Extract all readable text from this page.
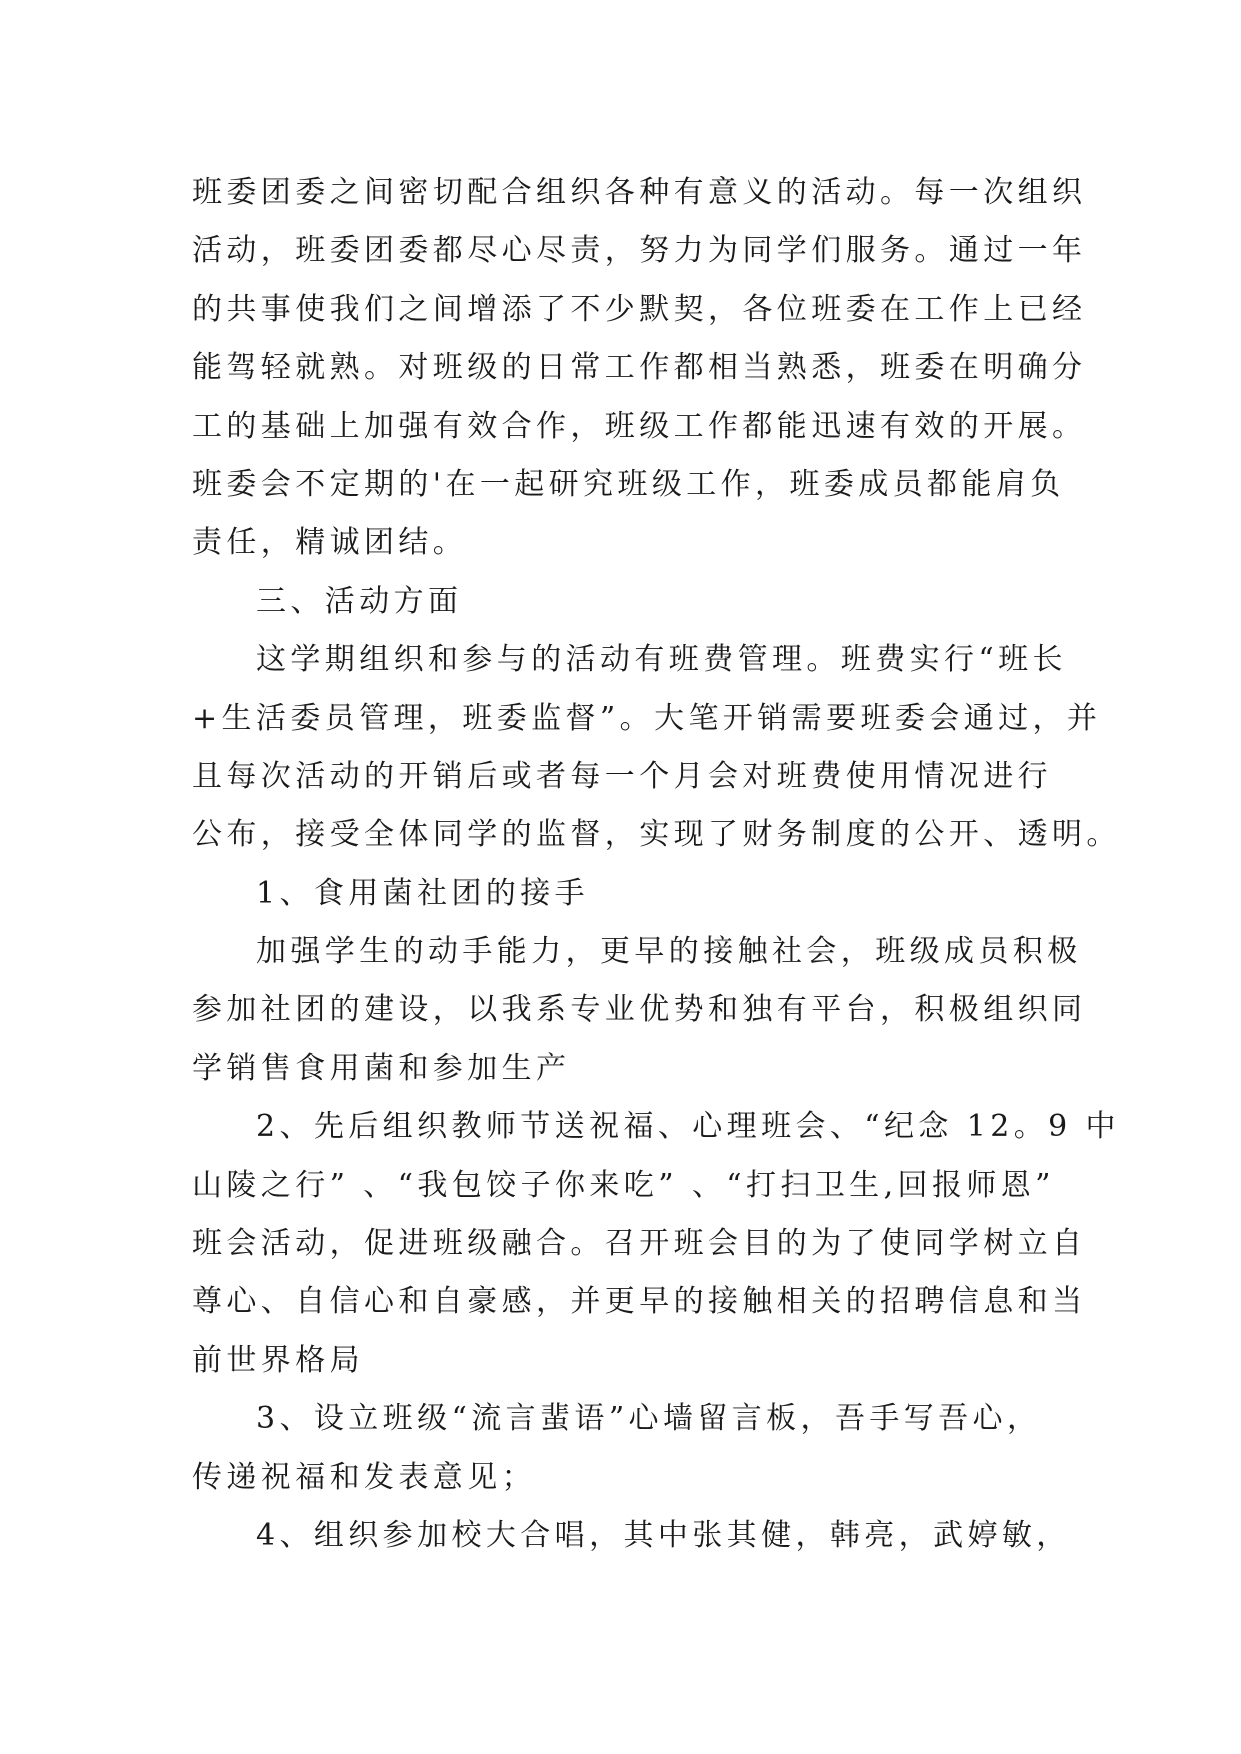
班委团委之间密切配合组织各种有意义的活动。每一次组织
活动，班委团委都尽心尽责，努力为同学们服务。通过一年
的共事使我们之间增添了不少默契，各位班委在工作上已经
能驾轻就熟。对班级的日常工作都相当熟悉，班委在明确分
工的基础上加强有效合作，班级工作都能迅速有效的开展。
班委会不定期的'在一起研究班级工作，班委成员都能肩负
责任，精诚团结。
三、活动方面
这学期组织和参与的活动有班费管理。班费实行“班长
+生活委员管理，班委监督”。大笔开销需要班委会通过，并
且每次活动的开销后或者每一个月会对班费使用情况进行
公布，接受全体同学的监督，实现了财务制度的公开、透明。
1、食用菌社团的接手
加强学生的动手能力，更早的接触社会，班级成员积极
参加社团的建设，以我系专业优势和独有平台，积极组织同
学销售食用菌和参加生产
2、先后组织教师节送祝福、心理班会、“纪念 12。9 中
山陵之行” 、“我包饺子你来吃” 、“打扫卫生,回报师恩”
班会活动，促进班级融合。召开班会目的为了使同学树立自
尊心、自信心和自豪感，并更早的接触相关的招聘信息和当
前世界格局
3、设立班级“流言蜚语”心墙留言板，吾手写吾心，
传递祝福和发表意见；
4、组织参加校大合唱，其中张其健，韩亮，武婷敏，
